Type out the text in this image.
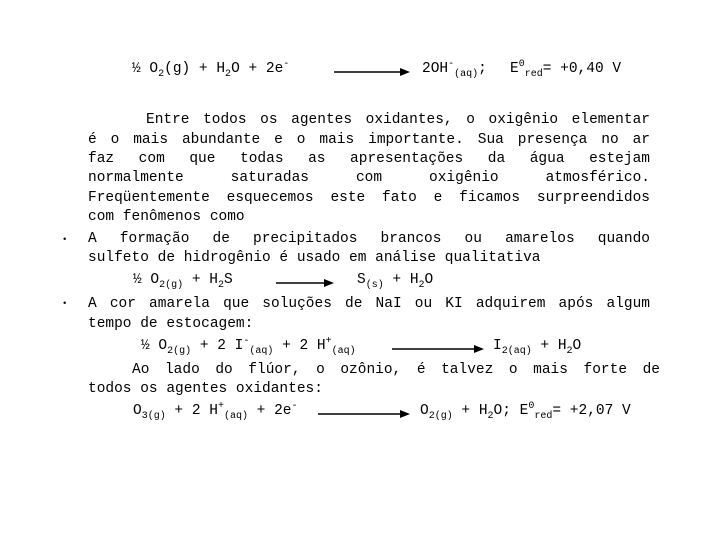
½ $O_2(g) + H_2O + 2e^-$	$2OH^-_{(aq)}$; $E^0_{red}= +0,40$ V
Entre todos os agentes oxidantes, o oxigênio elementar
é o mais abundante e o mais importante. Sua presença no ar
faz com que todas as apresentações da água estejam
normalmente saturadas com oxigênio atmosférico.
Freqüentemente esquecemos este fato e ficamos surpreendidos
com fenômenos como
• A formação de precipitados brancos ou amarelos quando
sulfeto de hidrogênio é usado em análise qualitativa
½ $O_{2(g)} + H_2S$	$S_{(s)} + H_2O$
• A cor amarela que soluções de NaI ou KI adquirem após algum
tempo de estocagem:
½ $O_{2(g)} + 2$ $I^-_{(aq)} + 2$ $H^+_{(aq)}$	$I_{2(aq)} + H_2O$
Ao lado do flúor, o ozônio, é talvez o mais forte de
todos os agentes oxidantes:
$O_{3(g)} + 2$ $H^+_{(aq)} + 2e^-$	$O_{2(g)} + H_2O$; $E^0_{red}= +2,07$ V
